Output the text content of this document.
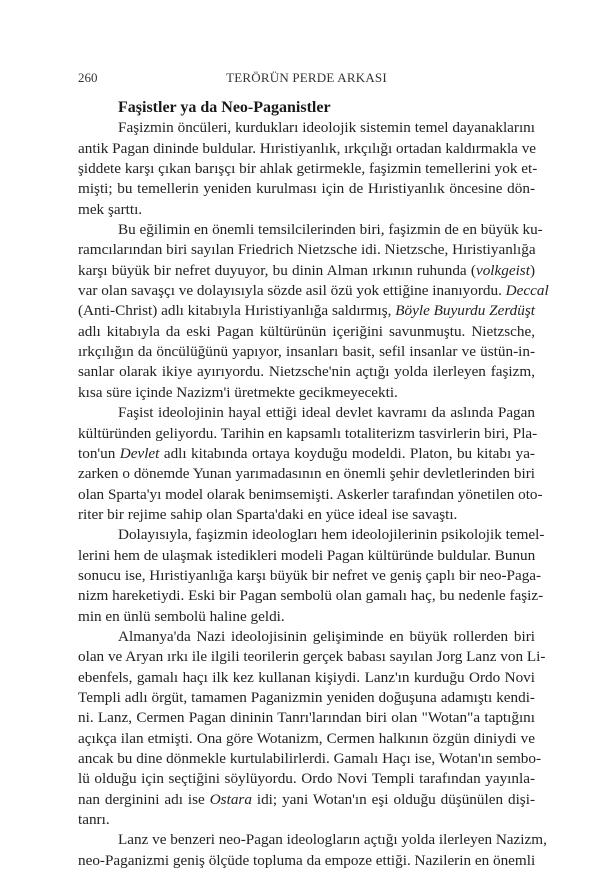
260	TERÖRÜN PERDE ARKASI
Faşistler ya da Neo-Paganistler
Faşizmin öncüleri, kurdukları ideolojik sistemin temel dayanaklarını
antik Pagan dininde buldular. Hıristiyanlık, ırkçılığı ortadan kaldırmakla ve
şiddete karşı çıkan barışçı bir ahlak getirmekle, faşizmin temellerini yok et-
mişti; bu temellerin yeniden kurulması için de Hıristiyanlık öncesine dön-
mek şarttı.
Bu eğilimin en önemli temsilcilerinden biri, faşizmin de en büyük ku-
ramcılarından biri sayılan Friedrich Nietzsche idi. Nietzsche, Hıristiyanlığa
karşı büyük bir nefret duyuyor, bu dinin Alman ırkının ruhunda (volkgeist)
var olan savaşçı ve dolayısıyla sözde asil özü yok ettiğine inanıyordu. Deccal
(Anti-Christ) adlı kitabıyla Hıristiyanlığa saldırmış, Böyle Buyurdu Zerdüşt
adlı kitabıyla da eski Pagan kültürünün içeriğini savunmuştu. Nietzsche,
ırkçılığın da öncülüğünü yapıyor, insanları basit, sefil insanlar ve üstün-in-
sanlar olarak ikiye ayırıyordu. Nietzsche'nin açtığı yolda ilerleyen faşizm,
kısa süre içinde Nazizm'i üretmekte gecikmeyecekti.
Faşist ideolojinin hayal ettiği ideal devlet kavramı da aslında Pagan
kültüründen geliyordu. Tarihin en kapsamlı totaliterizm tasvirlerin biri, Pla-
ton'un Devlet adlı kitabında ortaya koyduğu modeldi. Platon, bu kitabı ya-
zarken o dönemde Yunan yarımadasının en önemli şehir devletlerinden biri
olan Sparta'yı model olarak benimsemişti. Askerler tarafından yönetilen oto-
riter bir rejime sahip olan Sparta'daki en yüce ideal ise savaştı.
Dolayısıyla, faşizmin ideologları hem ideolojilerinin psikolojik temel-
lerini hem de ulaşmak istedikleri modeli Pagan kültüründe buldular. Bunun
sonucu ise, Hıristiyanlığa karşı büyük bir nefret ve geniş çaplı bir neo-Paga-
nizm hareketiydi. Eski bir Pagan sembolü olan gamalı haç, bu nedenle faşiz-
min en ünlü sembolü haline geldi.
Almanya'da Nazi ideolojisinin gelişiminde en büyük rollerden biri
olan ve Aryan ırkı ile ilgili teorilerin gerçek babası sayılan Jorg Lanz von Li-
ebenfels, gamalı haçı ilk kez kullanan kişiydi. Lanz'ın kurduğu Ordo Novi
Templi adlı örgüt, tamamen Paganizmin yeniden doğuşuna adamıştı kendi-
ni. Lanz, Cermen Pagan dininin Tanrı'larından biri olan "Wotan"a taptığını
açıkça ilan etmişti. Ona göre Wotanizm, Cermen halkının özgün diniydi ve
ancak bu dine dönmekle kurtulabilirlerdi. Gamalı Haçı ise, Wotan'ın sembo-
lü olduğu için seçtiğini söylüyordu. Ordo Novi Templi tarafından yayınla-
nan derginini adı ise Ostara idi; yani Wotan'ın eşi olduğu düşünülen dişi-
tanrı.
Lanz ve benzeri neo-Pagan ideologların açtığı yolda ilerleyen Nazizm,
neo-Paganizmi geniş ölçüde topluma da empoze ettiği. Nazilerin en önemli
